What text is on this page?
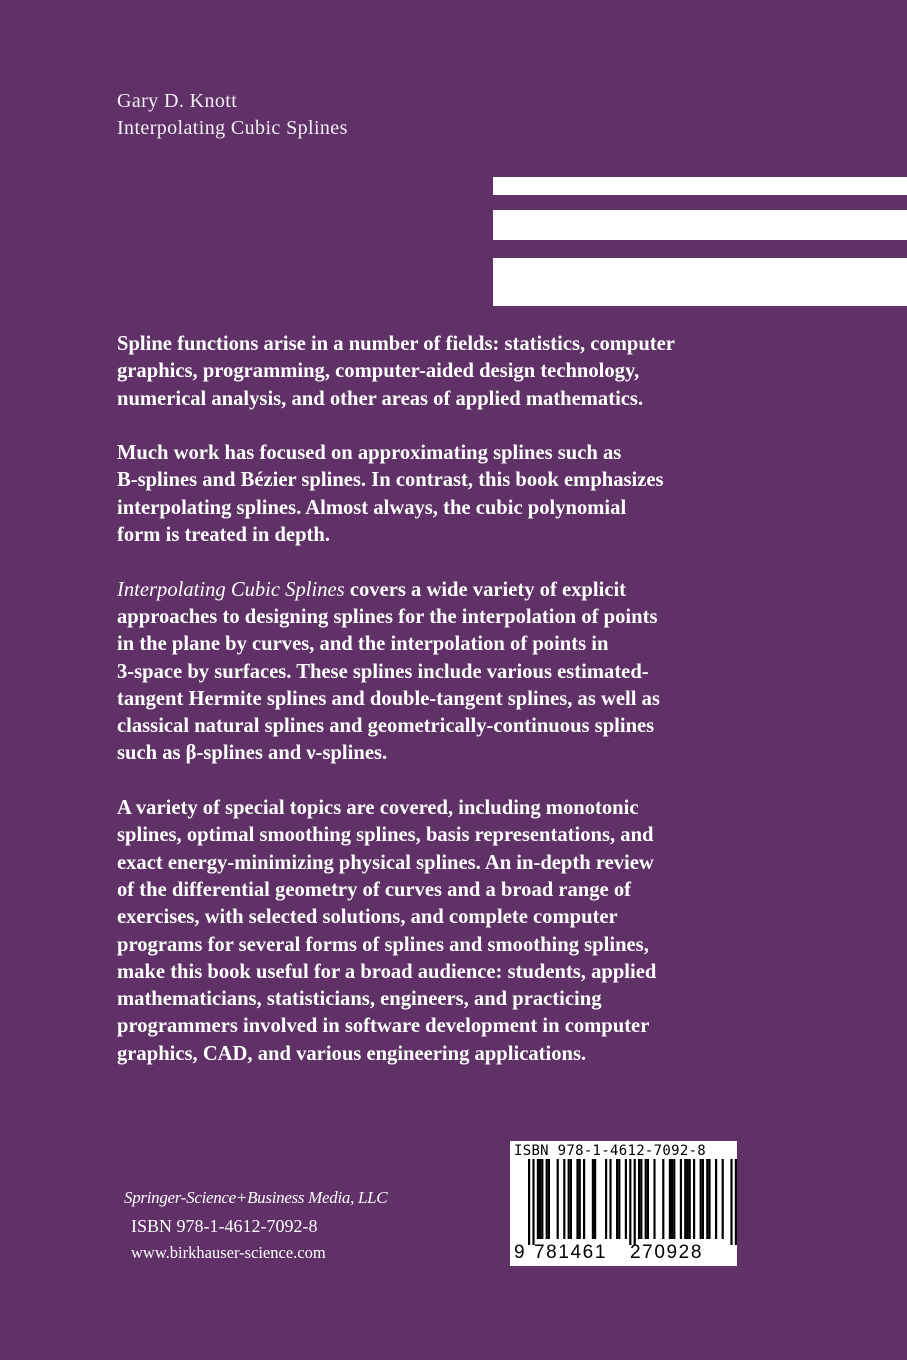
Gary D. Knott
Interpolating Cubic Splines
Spline functions arise in a number of fields: statistics, computer
graphics, programming, computer-aided design technology,
numerical analysis, and other areas of applied mathematics.
Much work has focused on approximating splines such as
B-splines and Bézier splines. In contrast, this book emphasizes
interpolating splines. Almost always, the cubic polynomial
form is treated in depth.
Interpolating Cubic Splines covers a wide variety of explicit
approaches to designing splines for the interpolation of points
in the plane by curves, and the interpolation of points in
3-space by surfaces. These splines include various estimated-
tangent Hermite splines and double-tangent splines, as well as
classical natural splines and geometrically-continuous splines
such as β-splines and ν-splines.
A variety of special topics are covered, including monotonic
splines, optimal smoothing splines, basis representations, and
exact energy-minimizing physical splines. An in-depth review
of the differential geometry of curves and a broad range of
exercises, with selected solutions, and complete computer
programs for several forms of splines and smoothing splines,
make this book useful for a broad audience: students, applied
mathematicians, statisticians, engineers, and practicing
programmers involved in software development in computer
graphics, CAD, and various engineering applications.
Springer-Science+Business Media, LLC
ISBN 978-1-4612-7092-8
www.birkhauser-science.com
ISBN 978-1-4612-7092-8
9 781461 270928
